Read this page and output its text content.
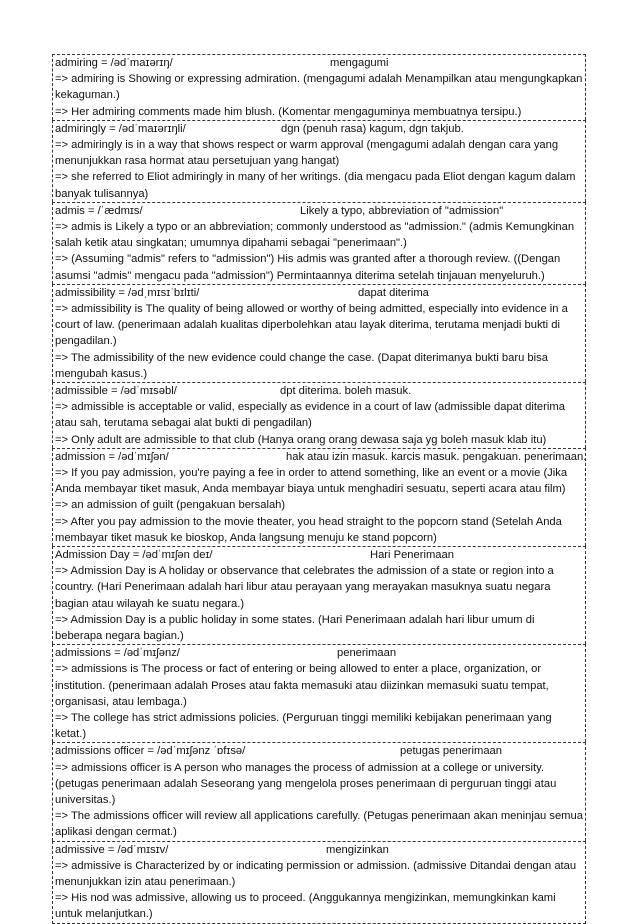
admiring = /ədˈmaɪərɪŋ/	mengagumi
=> admiring is Showing or expressing admiration. (mengagumi adalah Menampilkan atau mengungkapkan kekaguman.)
=> Her admiring comments made him blush. (Komentar mengaguminya membuatnya tersipu.)
admiringly = /ədˈmaɪərɪŋli/	dgn (penuh rasa) kagum, dgn takjub.
=> admiringly is in a way that shows respect or warm approval (mengagumi adalah dengan cara yang menunjukkan rasa hormat atau persetujuan yang hangat)
=> she referred to Eliot admiringly in many of her writings. (dia mengacu pada Eliot dengan kagum dalam banyak tulisannya)
admis = /ˈædmɪs/	Likely a typo, abbreviation of "admission"
=> admis is Likely a typo or an abbreviation; commonly understood as "admission." (admis Kemungkinan salah ketik atau singkatan; umumnya dipahami sebagai "penerimaan".)
=> (Assuming "admis" refers to "admission") His admis was granted after a thorough review. ((Dengan asumsi "admis" mengacu pada "admission") Permintaannya diterima setelah tinjauan menyeluruh.)
admissibility = /ədˌmɪsɪˈbɪlɪti/	dapat diterima
=> admissibility is The quality of being allowed or worthy of being admitted, especially into evidence in a court of law. (penerimaan adalah kualitas diperbolehkan atau layak diterima, terutama menjadi bukti di pengadilan.)
=> The admissibility of the new evidence could change the case. (Dapat diterimanya bukti baru bisa mengubah kasus.)
admissible = /ədˈmɪsəbl/	dpt diterima. boleh masuk.
=> admissible is acceptable or valid, especially as evidence in a court of law (admissible dapat diterima atau sah, terutama sebagai alat bukti di pengadilan)
=> Only adult are admissible to that club (Hanya orang orang dewasa saja yg boleh masuk klab itu)
admission = /ədˈmɪʃən/	hak atau izin masuk. karcis masuk. pengakuan. penerimaan.
=> If you pay admission, you're paying a fee in order to attend something, like an event or a movie (Jika Anda membayar tiket masuk, Anda membayar biaya untuk menghadiri sesuatu, seperti acara atau film)
=> an admission of guilt (pengakuan bersalah)
=> After you pay admission to the movie theater, you head straight to the popcorn stand (Setelah Anda membayar tiket masuk ke bioskop, Anda langsung menuju ke stand popcorn)
Admission Day = /ədˈmɪʃən deɪ/	Hari Penerimaan
=> Admission Day is A holiday or observance that celebrates the admission of a state or region into a country. (Hari Penerimaan adalah hari libur atau perayaan yang merayakan masuknya suatu negara bagian atau wilayah ke suatu negara.)
=> Admission Day is a public holiday in some states. (Hari Penerimaan adalah hari libur umum di beberapa negara bagian.)
admissions = /ədˈmɪʃənz/	penerimaan
=> admissions is The process or fact of entering or being allowed to enter a place, organization, or institution. (penerimaan adalah Proses atau fakta memasuki atau diizinkan memasuki suatu tempat, organisasi, atau lembaga.)
=> The college has strict admissions policies. (Perguruan tinggi memiliki kebijakan penerimaan yang ketat.)
admissions officer = /ədˈmɪʃənz ˈɒfɪsə/	petugas penerimaan
=> admissions officer is A person who manages the process of admission at a college or university. (petugas penerimaan adalah Seseorang yang mengelola proses penerimaan di perguruan tinggi atau universitas.)
=> The admissions officer will review all applications carefully. (Petugas penerimaan akan meninjau semua aplikasi dengan cermat.)
admissive = /ədˈmɪsɪv/	mengizinkan
=> admissive is Characterized by or indicating permission or admission. (admissive Ditandai dengan atau menunjukkan izin atau penerimaan.)
=> His nod was admissive, allowing us to proceed. (Anggukannya mengizinkan, memungkinkan kami untuk melanjutkan.)
